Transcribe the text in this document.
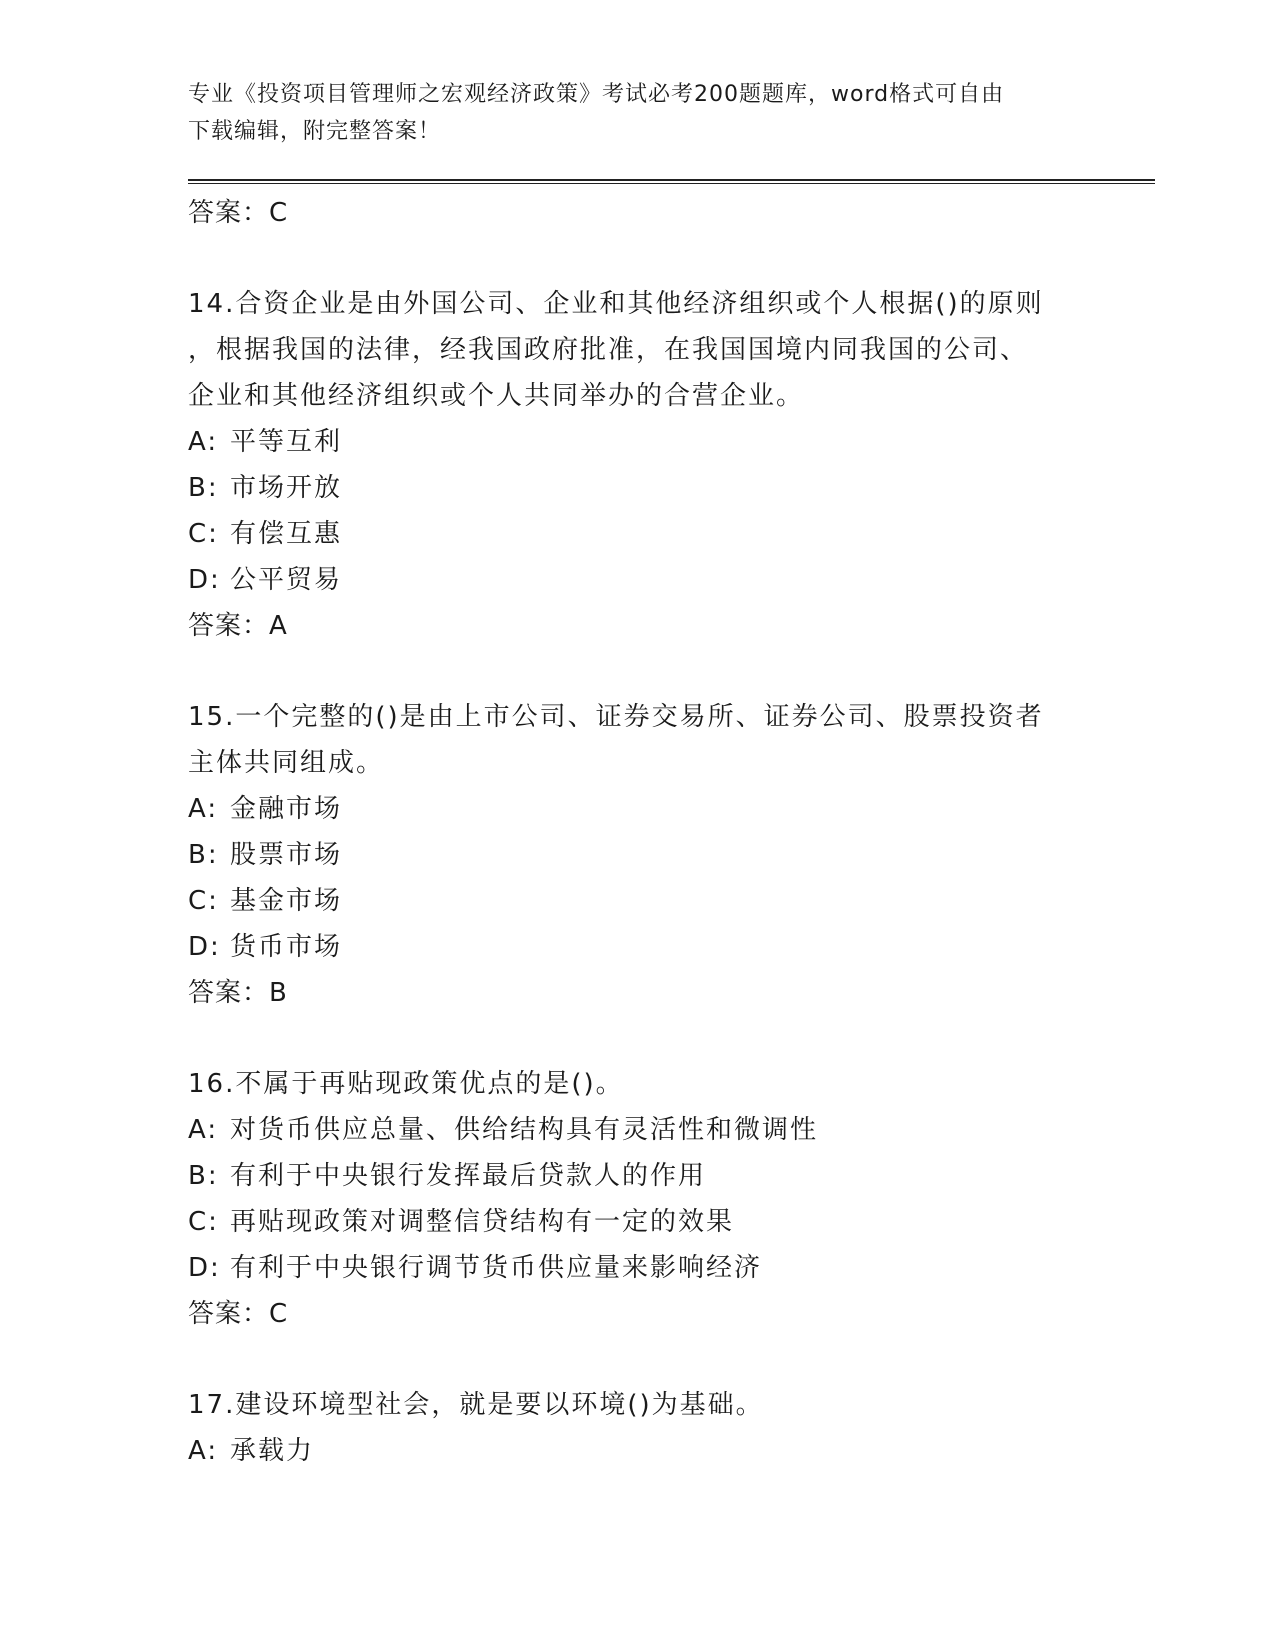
专业《投资项目管理师之宏观经济政策》考试必考200题题库，word格式可自由
下载编辑，附完整答案！
答案：C
14.合资企业是由外国公司、企业和其他经济组织或个人根据()的原则
，根据我国的法律，经我国政府批准，在我国国境内同我国的公司、
企业和其他经济组织或个人共同举办的合营企业。
A: 平等互利
B: 市场开放
C: 有偿互惠
D: 公平贸易
答案：A
15.一个完整的()是由上市公司、证券交易所、证券公司、股票投资者
主体共同组成。
A: 金融市场
B: 股票市场
C: 基金市场
D: 货币市场
答案：B
16.不属于再贴现政策优点的是()。
A: 对货币供应总量、供给结构具有灵活性和微调性
B: 有利于中央银行发挥最后贷款人的作用
C: 再贴现政策对调整信贷结构有一定的效果
D: 有利于中央银行调节货币供应量来影响经济
答案：C
17.建设环境型社会，就是要以环境()为基础。
A: 承载力
